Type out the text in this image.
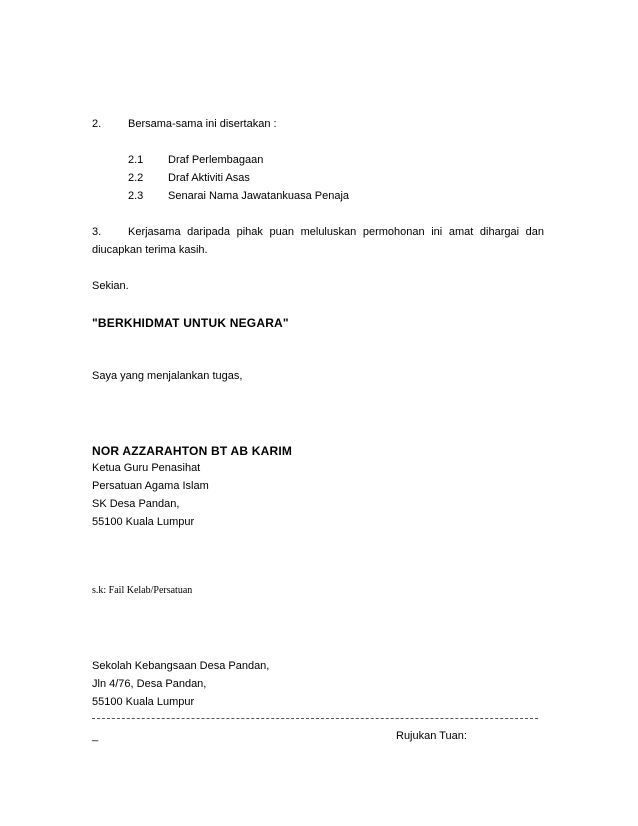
2. Bersama-sama ini disertakan :
2.1 Draf Perlembagaan
2.2 Draf Aktiviti Asas
2.3 Senarai Nama Jawatankuasa Penaja
3. Kerjasama daripada pihak puan meluluskan permohonan ini amat dihargai dan
diucapkan terima kasih.
Sekian.
"BERKHIDMAT UNTUK NEGARA"
Saya yang menjalankan tugas,
NOR AZZARAHTON BT AB KARIM
Ketua Guru Penasihat
Persatuan Agama Islam
SK Desa Pandan,
55100 Kuala Lumpur
s.k: Fail Kelab/Persatuan
Sekolah Kebangsaan Desa Pandan,
Jln 4/76, Desa Pandan,
55100 Kuala Lumpur
_	Rujukan Tuan:
